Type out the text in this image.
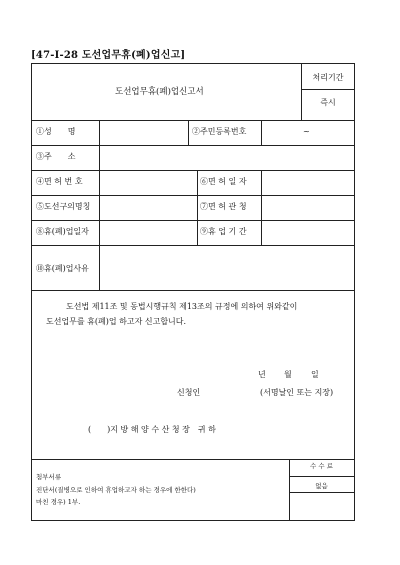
[47-I-28 도선업무휴(폐)업신고]
도선업무휴(폐)업신고서
처리기간
즉시
①성　　명	②주민등록번호	~
③주　　소
④면 허 번 호	⑥면 허 일 자
⑤도선구의명칭	⑦면 허 관 청
⑧휴(폐)업일자	⑨휴 업 기 간
⑩휴(폐)업사유
도선법 제11조 및 동법시행규칙 제13조의 규정에 의하여 위와같이
도선업무를 휴(폐)업 하고자 신고합니다.
년 월 일
신청인	(서명날인 또는 지장)
(　　)지 방 해 양 수 산 청 장　귀 하
첨부서류
진단서(질병으로 인하여 휴업하고자 하는 경우에 한한다)
마친 경우) 1부.
수 수 료
없음
